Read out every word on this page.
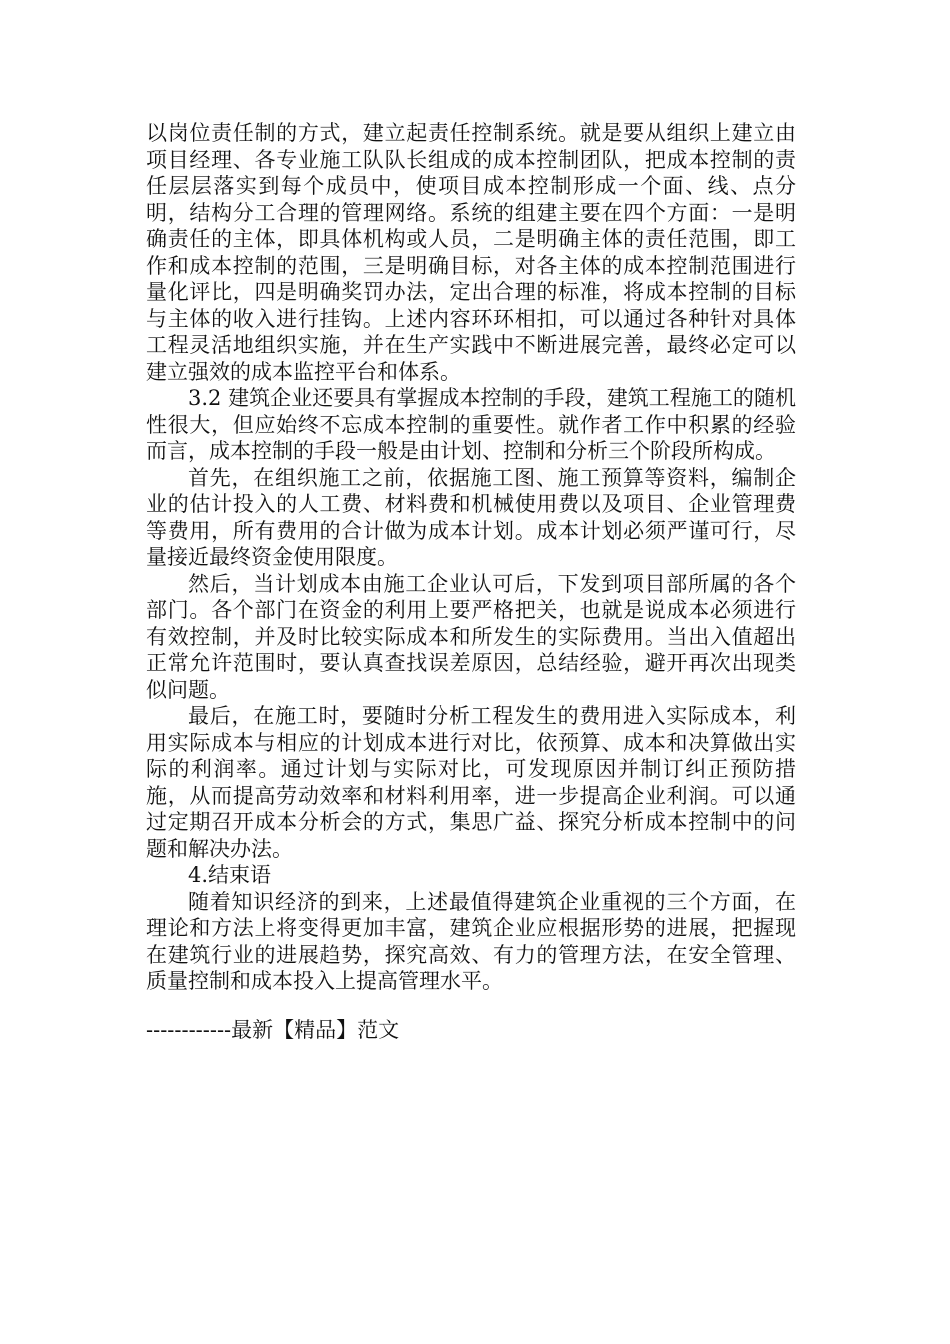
以岗位责任制的方式，建立起责任控制系统。就是要从组织上建立由项目经理、各专业施工队队长组成的成本控制团队，把成本控制的责任层层落实到每个成员中，使项目成本控制形成一个面、线、点分明，结构分工合理的管理网络。系统的组建主要在四个方面：一是明确责任的主体，即具体机构或人员，二是明确主体的责任范围，即工作和成本控制的范围，三是明确目标，对各主体的成本控制范围进行量化评比，四是明确奖罚办法，定出合理的标准，将成本控制的目标与主体的收入进行挂钩。上述内容环环相扣，可以通过各种针对具体工程灵活地组织实施，并在生产实践中不断进展完善，最终必定可以建立强效的成本监控平台和体系。

3.2 建筑企业还要具有掌握成本控制的手段，建筑工程施工的随机性很大，但应始终不忘成本控制的重要性。就作者工作中积累的经验而言，成本控制的手段一般是由计划、控制和分析三个阶段所构成。

首先，在组织施工之前，依据施工图、施工预算等资料，编制企业的估计投入的人工费、材料费和机械使用费以及项目、企业管理费等费用，所有费用的合计做为成本计划。成本计划必须严谨可行，尽量接近最终资金使用限度。

然后，当计划成本由施工企业认可后，下发到项目部所属的各个部门。各个部门在资金的利用上要严格把关，也就是说成本必须进行有效控制，并及时比较实际成本和所发生的实际费用。当出入值超出正常允许范围时，要认真查找误差原因，总结经验，避开再次出现类似问题。

最后，在施工时，要随时分析工程发生的费用进入实际成本，利用实际成本与相应的计划成本进行对比，依预算、成本和决算做出实际的利润率。通过计划与实际对比，可发现原因并制订纠正预防措施，从而提高劳动效率和材料利用率，进一步提高企业利润。可以通过定期召开成本分析会的方式，集思广益、探究分析成本控制中的问题和解决办法。

4.结束语

随着知识经济的到来，上述最值得建筑企业重视的三个方面，在理论和方法上将变得更加丰富，建筑企业应根据形势的进展，把握现在建筑行业的进展趋势，探究高效、有力的管理方法，在安全管理、质量控制和成本投入上提高管理水平。

------------最新【精品】范文
